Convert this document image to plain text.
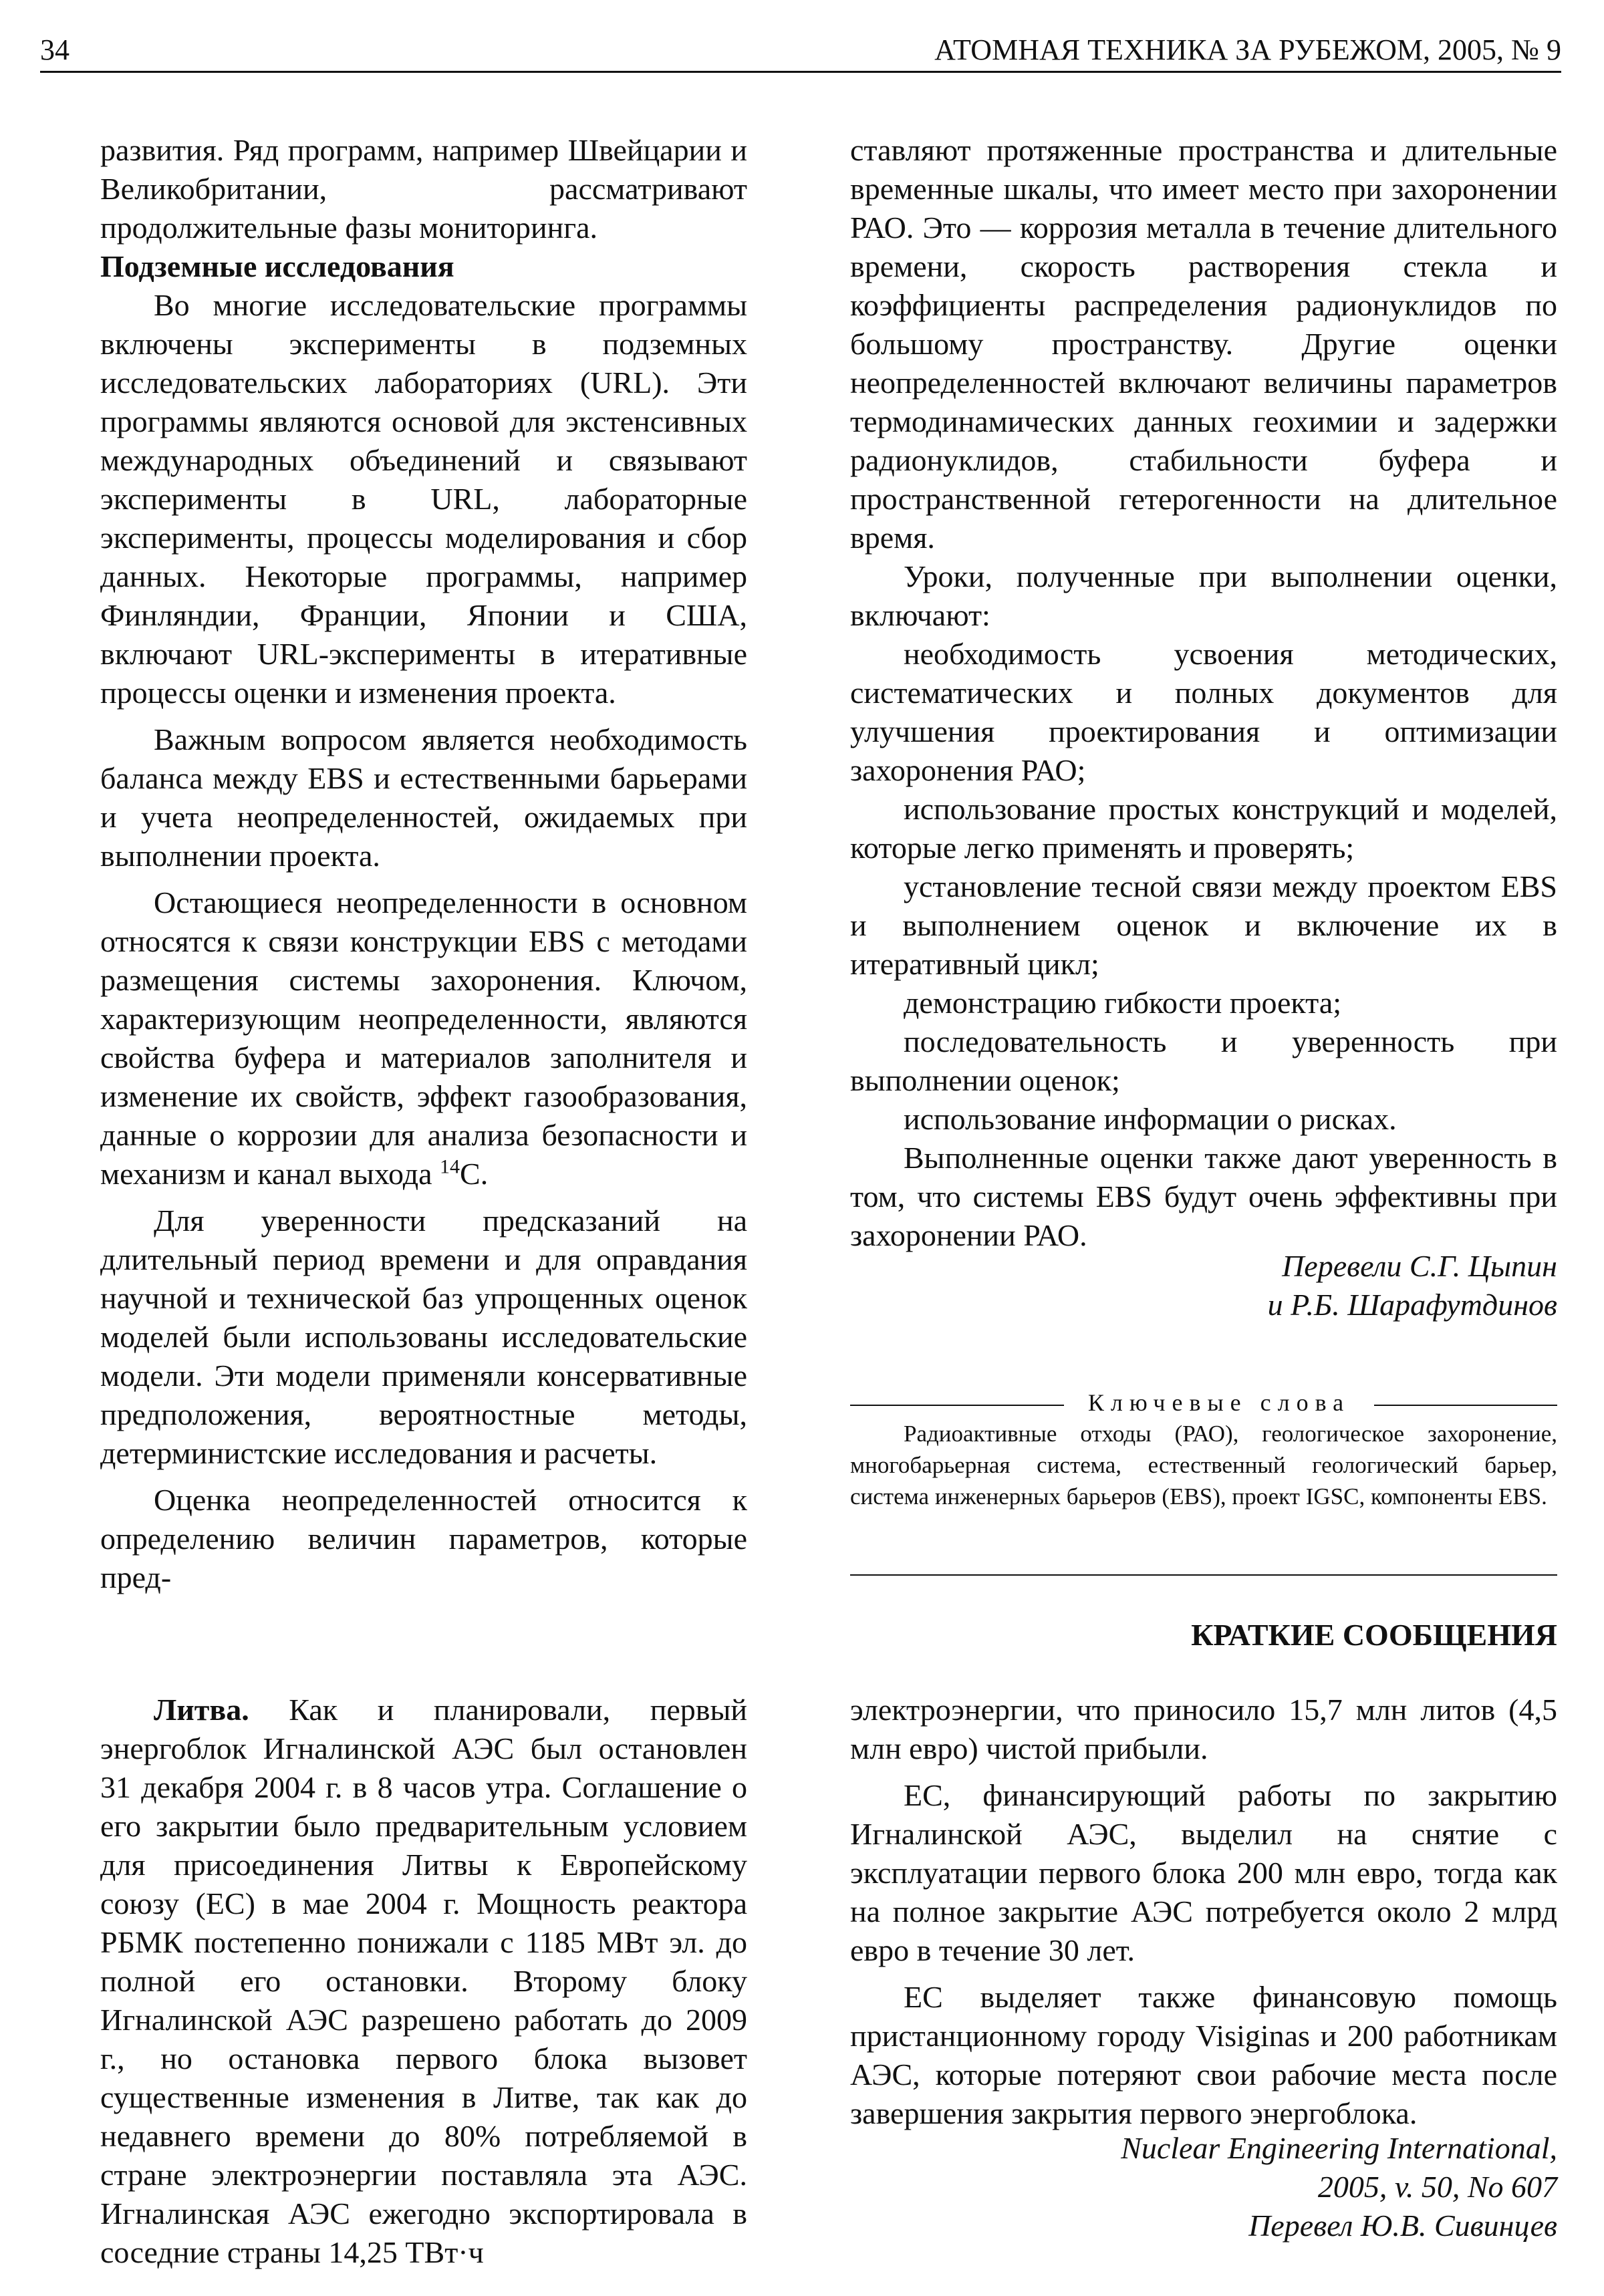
34	АТОМНАЯ ТЕХНИКА ЗА РУБЕЖОМ, 2005, № 9

развития. Ряд программ, например Швейцарии и Великобритании, рассматривают продолжительные фазы мониторинга.

Подземные исследования

Во многие исследовательские программы включены эксперименты в подземных исследовательских лабораториях (URL). Эти программы являются основой для экстенсивных международных объединений и связывают эксперименты в URL, лабораторные эксперименты, процессы моделирования и сбор данных. Некоторые программы, например Финляндии, Франции, Японии и США, включают URL-эксперименты в итеративные процессы оценки и изменения проекта.

Важным вопросом является необходимость баланса между EBS и естественными барьерами и учета неопределенностей, ожидаемых при выполнении проекта.

Остающиеся неопределенности в основном относятся к связи конструкции EBS с методами размещения системы захоронения. Ключом, характеризующим неопределенности, являются свойства буфера и материалов заполнителя и изменение их свойств, эффект газообразования, данные о коррозии для анализа безопасности и механизм и канал выхода $^{14}$C.

Для уверенности предсказаний на длительный период времени и для оправдания научной и технической баз упрощенных оценок моделей были использованы исследовательские модели. Эти модели применяли консервативные предположения, вероятностные методы, детерминистские исследования и расчеты.

Оценка неопределенностей относится к определению величин параметров, которые пред-

ставляют протяженные пространства и длительные временные шкалы, что имеет место при захоронении РАО. Это — коррозия металла в течение длительного времени, скорость растворения стекла и коэффициенты распределения радионуклидов по большому пространству. Другие оценки неопределенностей включают величины параметров термодинамических данных геохимии и задержки радионуклидов, стабильности буфера и пространственной гетерогенности на длительное время.

Уроки, полученные при выполнении оценки, включают:

необходимость усвоения методических, систематических и полных документов для улучшения проектирования и оптимизации захоронения РАО;

использование простых конструкций и моделей, которые легко применять и проверять;

установление тесной связи между проектом EBS и выполнением оценок и включение их в итеративный цикл;

демонстрацию гибкости проекта;

последовательность и уверенность при выполнении оценок;

использование информации о рисках.

Выполненные оценки также дают уверенность в том, что системы EBS будут очень эффективны при захоронении РАО.

Перевели С.Г. Цыпин
и Р.Б. Шарафутдинов
Ключевые слова
Радиоактивные отходы (РАО), геологическое захоронение, многобарьерная система, естественный геологический барьер, система инженерных барьеров (EBS), проект IGSC, компоненты EBS.
КРАТКИЕ СООБЩЕНИЯ

Литва. Как и планировали, первый энергоблок Игналинской АЭС был остановлен 31 декабря 2004 г. в 8 часов утра. Соглашение о его закрытии было предварительным условием для присоединения Литвы к Европейскому союзу (ЕС) в мае 2004 г. Мощность реактора РБМК постепенно понижали с 1185 МВт эл. до полной его остановки. Второму блоку Игналинской АЭС разрешено работать до 2009 г., но остановка первого блока вызовет существенные изменения в Литве, так как до недавнего времени до 80% потребляемой в стране электроэнергии поставляла эта АЭС. Игналинская АЭС ежегодно экспортировала в соседние страны 14,25 ТВт·ч

электроэнергии, что приносило 15,7 млн литов (4,5 млн евро) чистой прибыли.

ЕС, финансирующий работы по закрытию Игналинской АЭС, выделил на снятие с эксплуатации первого блока 200 млн евро, тогда как на полное закрытие АЭС потребуется около 2 млрд евро в течение 30 лет.

ЕС выделяет также финансовую помощь пристанционному городу Visiginas и 200 работникам АЭС, которые потеряют свои рабочие места после завершения закрытия первого энергоблока.

Nuclear Engineering International,
2005, v. 50, No 607
Перевел Ю.В. Сивинцев
